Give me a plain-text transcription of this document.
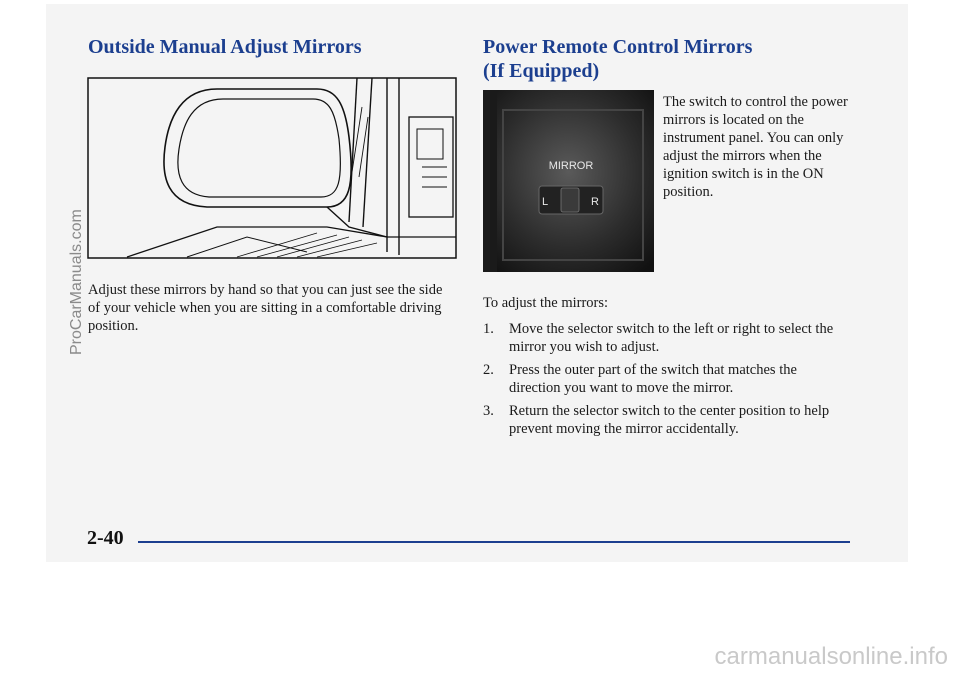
Outside Manual Adjust Mirrors

Adjust these mirrors by hand so that you can just see the side of your vehicle when you are sitting in a comfortable driving position.

Power Remote Control Mirrors
(If Equipped)
MIRROR
L	R

The switch to control the power mirrors is located on the instrument panel. You can only adjust the mirrors when the ignition switch is in the ON position.

To adjust the mirrors:

1.	Move the selector switch to the left or right to select the mirror you wish to adjust.
2.	Press the outer part of the switch that matches the direction you want to move the mirror.
3.	Return the selector switch to the center position to help prevent moving the mirror accidentally.
2-40
ProCarManuals.com
carmanualsonline.info
